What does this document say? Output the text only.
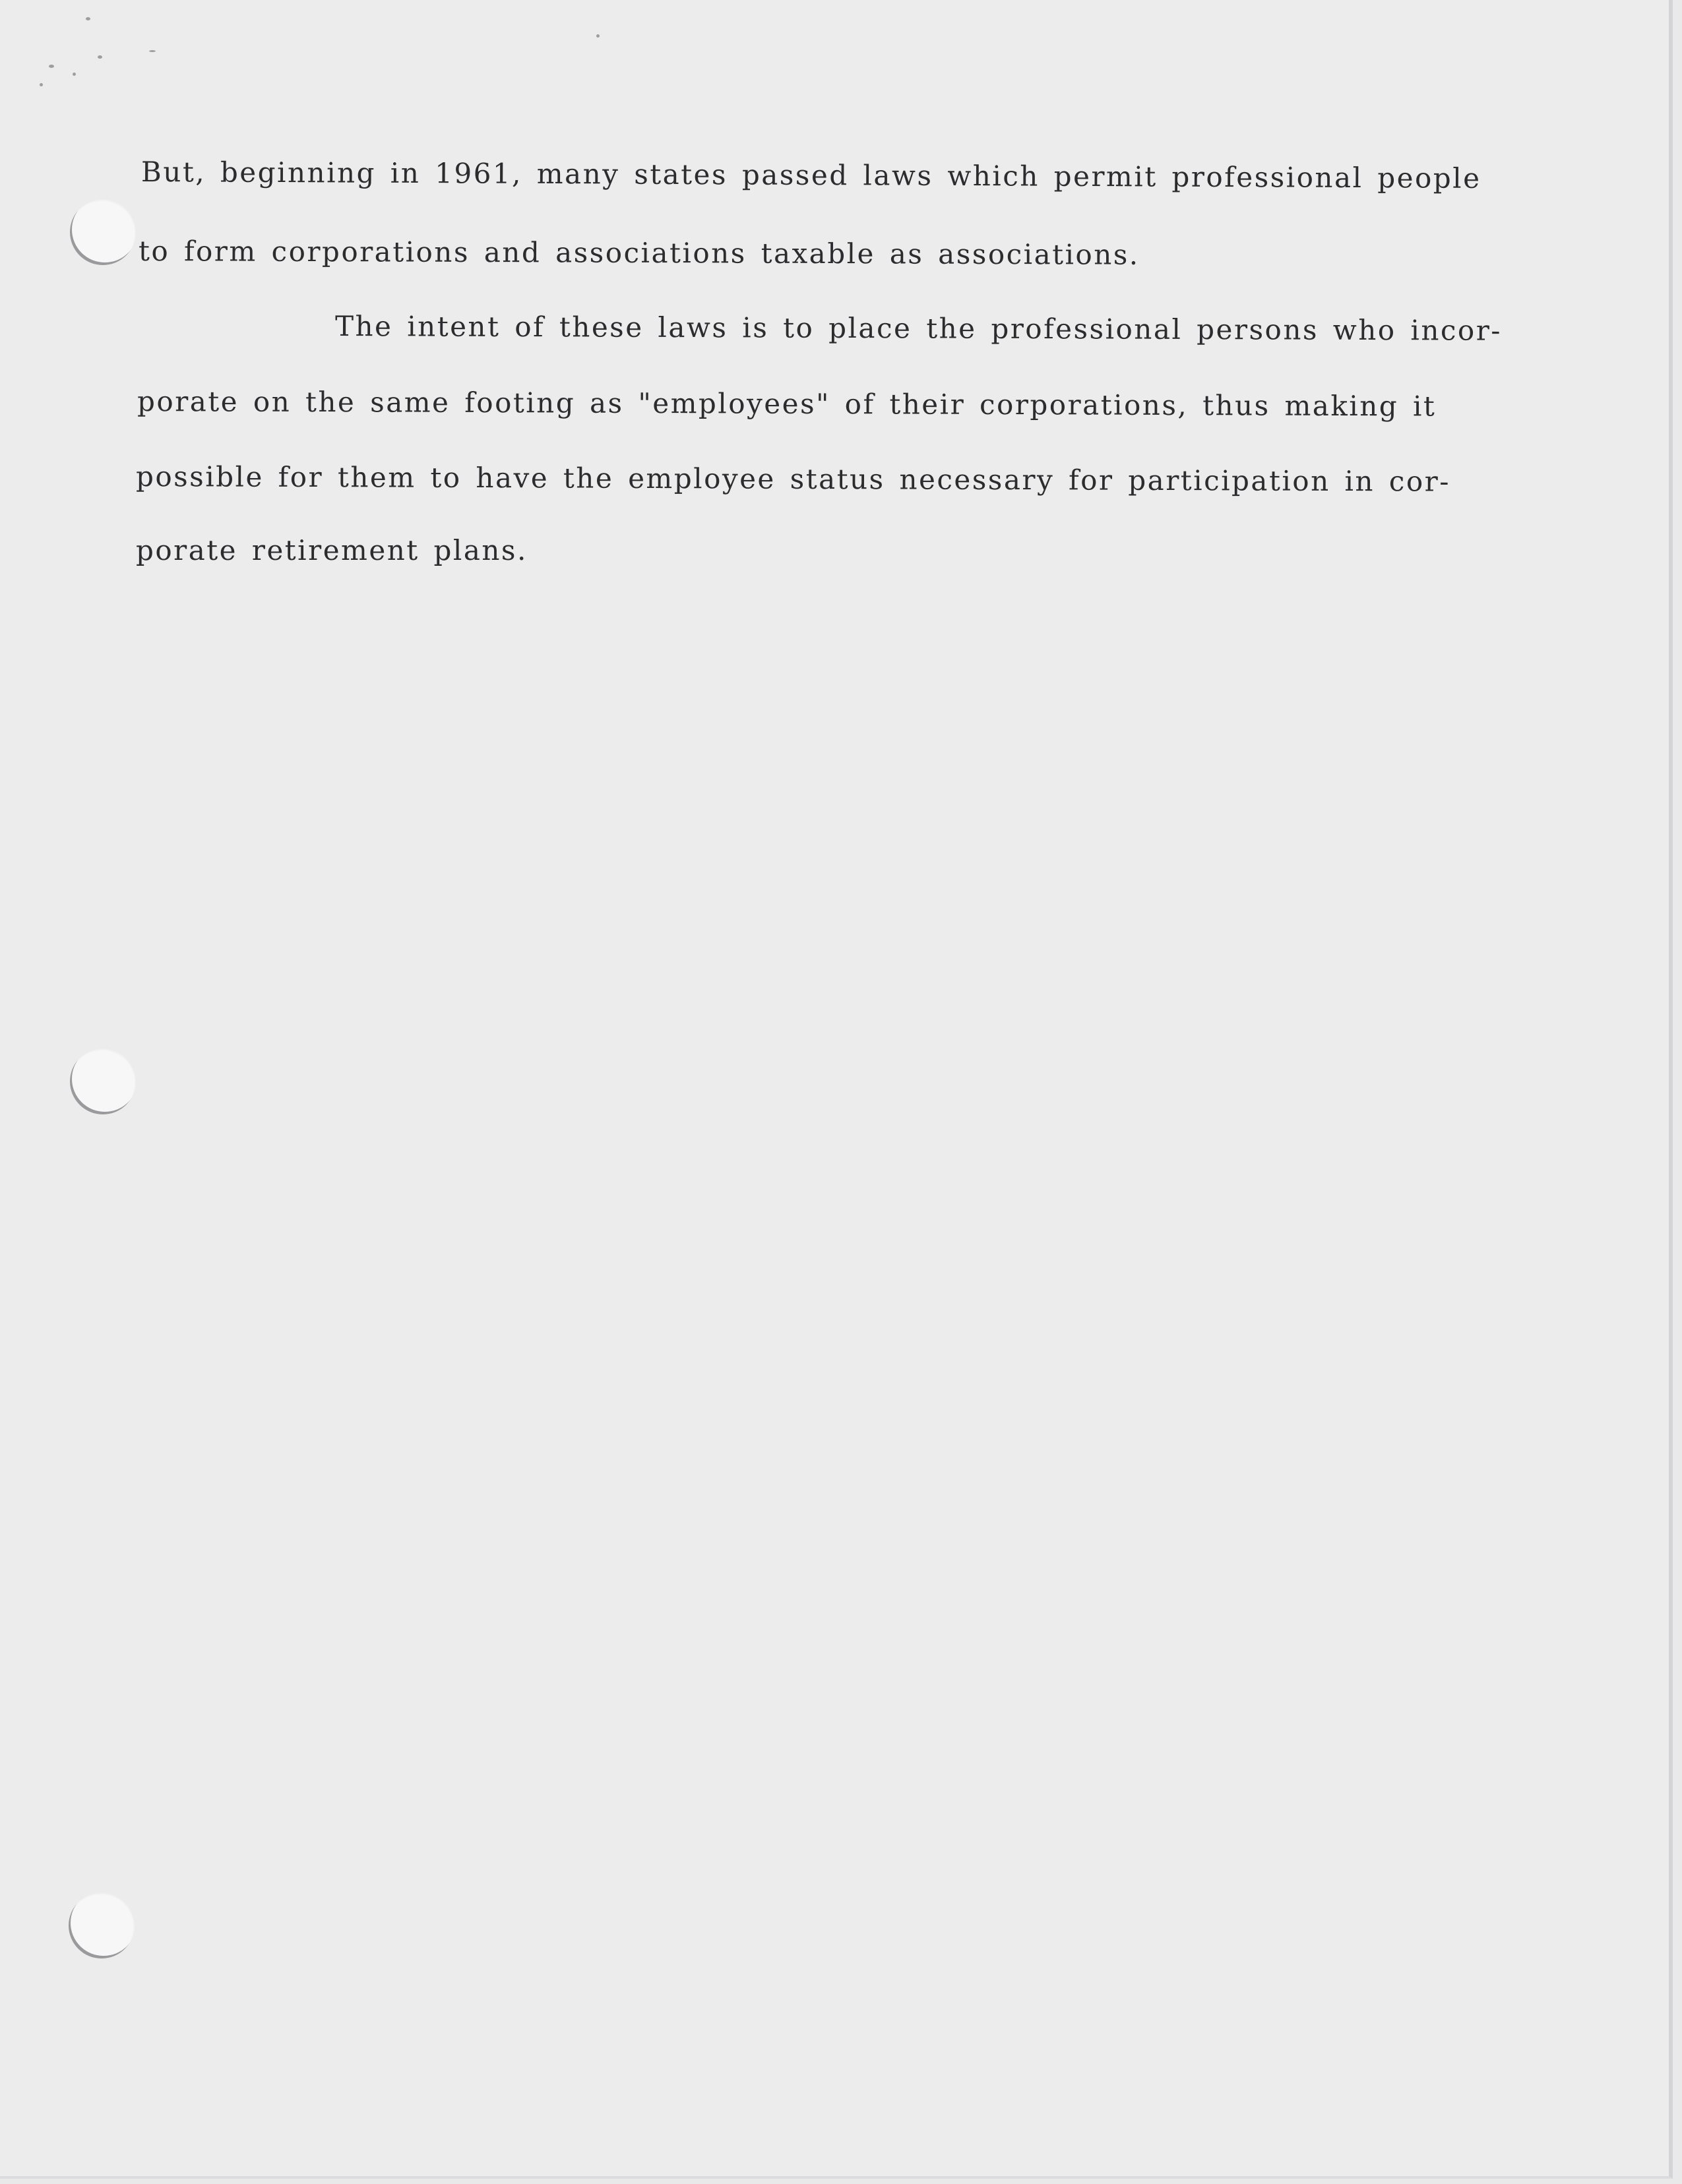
But, beginning in 1961, many states passed laws which permit professional people
to form corporations and associations taxable as associations.
The intent of these laws is to place the professional persons who incor-
porate on the same footing as "employees" of their corporations, thus making it
possible for them to have the employee status necessary for participation in cor-
porate retirement plans.
